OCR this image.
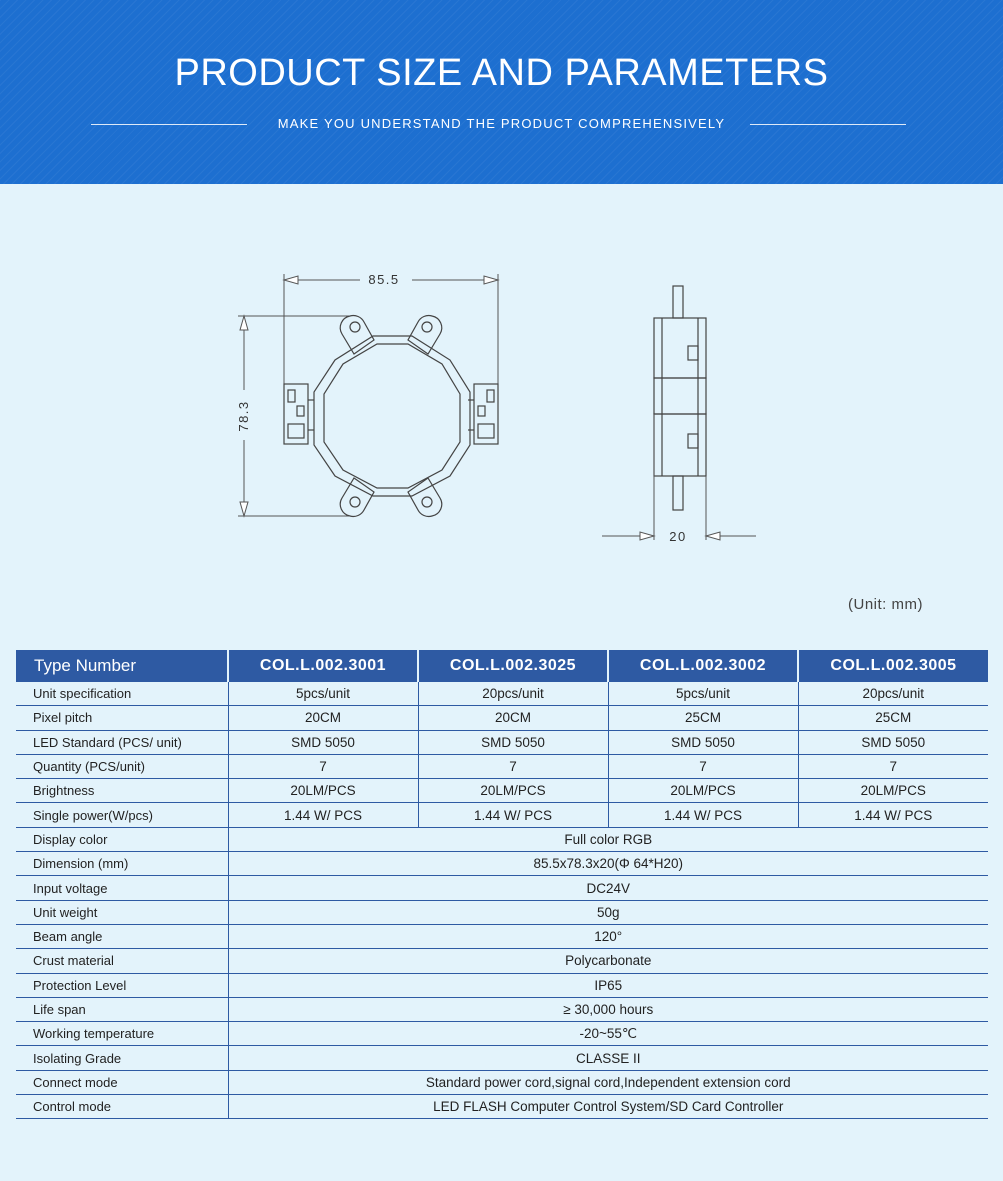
PRODUCT SIZE AND PARAMETERS
MAKE YOU UNDERSTAND THE PRODUCT COMPREHENSIVELY
85.5
78.3
20
(Unit: mm)
Type Number	COL.L.002.3001	COL.L.002.3025	COL.L.002.3002	COL.L.002.3005
Unit specification	5pcs/unit	20pcs/unit	5pcs/unit	20pcs/unit
Pixel pitch	20CM	20CM	25CM	25CM
LED Standard (PCS/ unit)	SMD 5050	SMD 5050	SMD 5050	SMD 5050
Quantity (PCS/unit)	7	7	7	7
Brightness	20LM/PCS	20LM/PCS	20LM/PCS	20LM/PCS
Single power(W/pcs)	1.44 W/ PCS	1.44 W/ PCS	1.44 W/ PCS	1.44 W/ PCS
Display color	Full color RGB			
Dimension (mm)	85.5x78.3x20(Φ 64*H20)			
Input voltage	DC24V			
Unit weight	50g			
Beam angle	120°			
Crust material	Polycarbonate			
Protection Level	IP65			
Life span	≥ 30,000 hours			
Working temperature	-20~55℃			
Isolating Grade	CLASSE II			
Connect mode	Standard power cord,signal cord,Independent extension cord			
Control mode	LED FLASH Computer Control System/SD Card Controller			
